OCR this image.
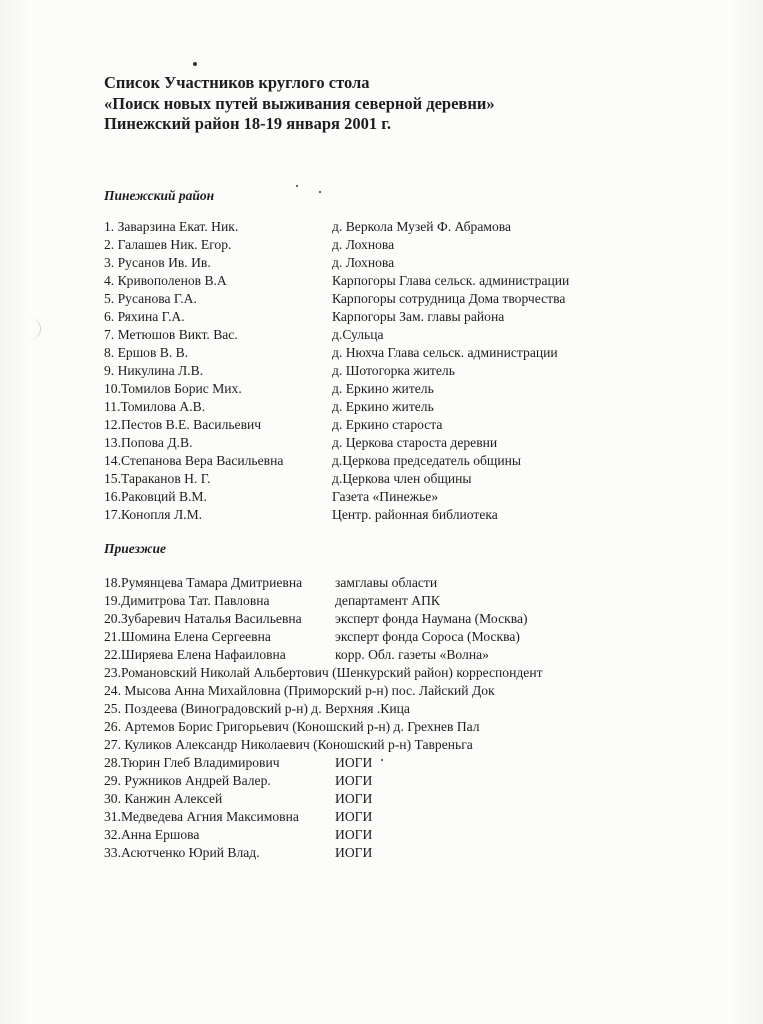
Список Участников круглого стола
«Поиск новых путей выживания северной деревни»
Пинежский район 18-19 января 2001 г.
Пинежский район
1. Заварзина Екат. Ник.	д. Веркола Музей Ф. Абрамова
2. Галашев Ник. Егор.	д. Лохнова
3. Русанов Ив. Ив.	д. Лохнова
4. Кривополенов В.А	Карпогоры Глава сельск. администрации
5. Русанова Г.А.	Карпогоры сотрудница Дома творчества
6. Ряхина Г.А.	Карпогоры Зам. главы района
7. Метюшов Викт. Вас.	д.Сульца
8. Ершов В. В.	д. Нюхча Глава сельск. администрации
9. Никулина Л.В.	д. Шотогорка житель
10.Томилов Борис Мих.	д. Еркино житель
11.Томилова А.В.	д. Еркино житель
12.Пестов В.Е. Васильевич	д. Еркино староста
13.Попова Д.В.	д. Церкова староста деревни
14.Степанова Вера Васильевна	д.Церкова председатель общины
15.Тараканов Н. Г.	д.Церкова член общины
16.Раковций В.М.	Газета «Пинежье»
17.Конопля Л.М.	Центр. районная библиотека
Приезжие
18.Румянцева Тамара Дмитриевна замглавы области
19.Димитрова Тат. Павловна	департамент АПК
20.Зубаревич Наталья Васильевна эксперт фонда Наумана (Москва)
21.Шомина Елена Сергеевна	эксперт фонда Сороса (Москва)
22.Ширяева Елена Нафаиловна	корр. Обл. газеты «Волна»
23.Романовский Николай Альбертович (Шенкурский район) корреспондент
24. Мысова Анна Михайловна (Приморский р-н) пос. Лайский Док
25. Поздеева (Виноградовский р-н) д. Верхняя .Кица
26. Артемов Борис Григорьевич (Коношский р-н) д. Грехнев Пал
27. Куликов Александр Николаевич (Коношский р-н) Тавреньга
28.Тюрин Глеб Владимирович	ИОГИ
29. Ружников Андрей Валер.	ИОГИ
30. Канжин Алексей	ИОГИ
31.Медведева Агния Максимовна	ИОГИ
32.Анна Ершова	ИОГИ
33.Асютченко Юрий Влад.	ИОГИ
